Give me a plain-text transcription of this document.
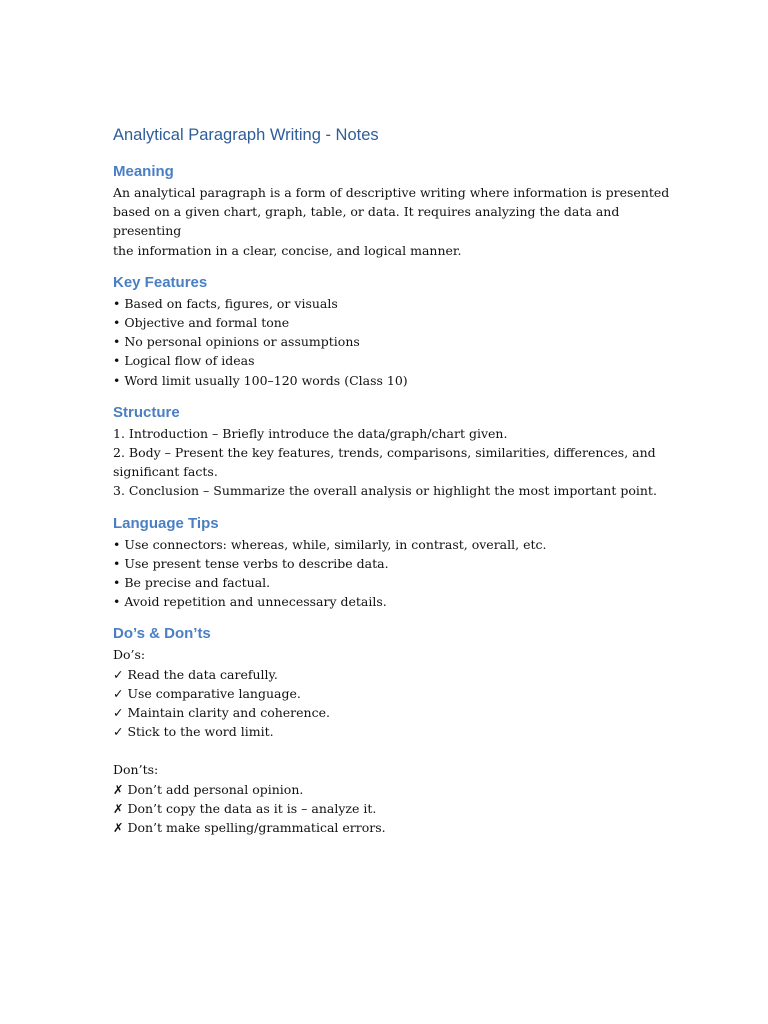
Analytical Paragraph Writing - Notes
Meaning

An analytical paragraph is a form of descriptive writing where information is presented

based on a given chart, graph, table, or data. It requires analyzing the data and presenting

the information in a clear, concise, and logical manner.

Key Features
• Based on facts, figures, or visuals
• Objective and formal tone
• No personal opinions or assumptions
• Logical flow of ideas
• Word limit usually 100–120 words (Class 10)
Structure

1. Introduction – Briefly introduce the data/graph/chart given.

2. Body – Present the key features, trends, comparisons, similarities, differences, and

significant facts.

3. Conclusion – Summarize the overall analysis or highlight the most important point.

Language Tips
• Use connectors: whereas, while, similarly, in contrast, overall, etc.
• Use present tense verbs to describe data.
• Be precise and factual.
• Avoid repetition and unnecessary details.
Do’s & Don’ts

Do’s:

✓ Read the data carefully.
✓ Use comparative language.
✓ Maintain clarity and coherence.
✓ Stick to the word limit.

Don’ts:

✗ Don’t add personal opinion.
✗ Don’t copy the data as it is – analyze it.
✗ Don’t make spelling/grammatical errors.
